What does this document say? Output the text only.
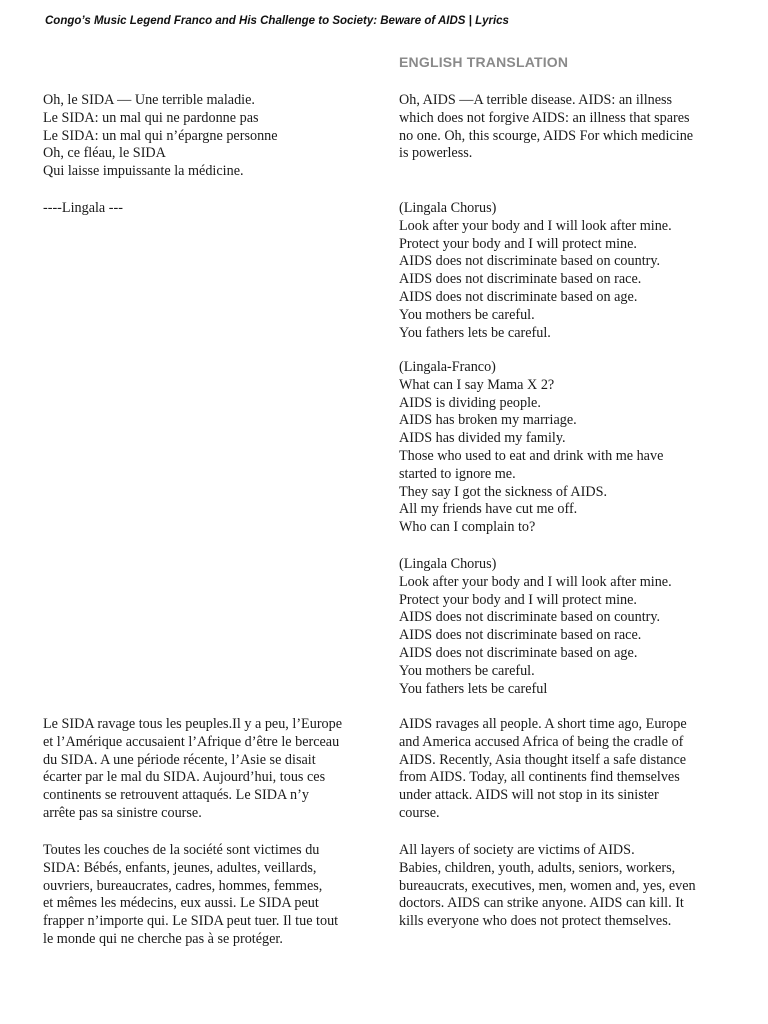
Congo’s Music Legend Franco and His Challenge to Society: Beware of AIDS | Lyrics
ENGLISH TRANSLATION
Oh, le SIDA — Une terrible maladie.
Le SIDA: un mal qui ne pardonne pas
Le SIDA: un mal qui n’épargne personne
Oh, ce fléau, le SIDA
Qui laisse impuissante la médicine.
----Lingala ---
Le SIDA ravage tous les peuples.Il y a peu, l’Europe
et l’Amérique accusaient l’Afrique d’être le berceau
du SIDA. A une période récente, l’Asie se disait
écarter par le mal du SIDA. Aujourd’hui, tous ces
continents se retrouvent attaqués. Le SIDA n’y
arrête pas sa sinistre course.
Toutes les couches de la société sont victimes du
SIDA: Bébés, enfants, jeunes, adultes, veillards,
ouvriers, bureaucrates, cadres, hommes, femmes,
et mêmes les médecins, eux aussi. Le SIDA peut
frapper n’importe qui. Le SIDA peut tuer. Il tue tout
le monde qui ne cherche pas à se protéger.
Oh, AIDS —A terrible disease. AIDS: an illness
which does not forgive AIDS: an illness that spares
no one. Oh, this scourge, AIDS For which medicine
is powerless.
(Lingala Chorus)
Look after your body and I will look after mine.
Protect your body and I will protect mine.
AIDS does not discriminate based on country.
AIDS does not discriminate based on race.
AIDS does not discriminate based on age.
You mothers be careful.
You fathers lets be careful.
(Lingala-Franco)
What can I say Mama X 2?
AIDS is dividing people.
AIDS has broken my marriage.
AIDS has divided my family.
Those who used to eat and drink with me have
started to ignore me.
They say I got the sickness of AIDS.
All my friends have cut me off.
Who can I complain to?
(Lingala Chorus)
Look after your body and I will look after mine.
Protect your body and I will protect mine.
AIDS does not discriminate based on country.
AIDS does not discriminate based on race.
AIDS does not discriminate based on age.
You mothers be careful.
You fathers lets be careful
AIDS ravages all people. A short time ago, Europe
and America accused Africa of being the cradle of
AIDS. Recently, Asia thought itself a safe distance
from AIDS. Today, all continents find themselves
under attack. AIDS will not stop in its sinister
course.
All layers of society are victims of AIDS.
Babies, children, youth, adults, seniors, workers,
bureaucrats, executives, men, women and, yes, even
doctors. AIDS can strike anyone. AIDS can kill. It
kills everyone who does not protect themselves.
